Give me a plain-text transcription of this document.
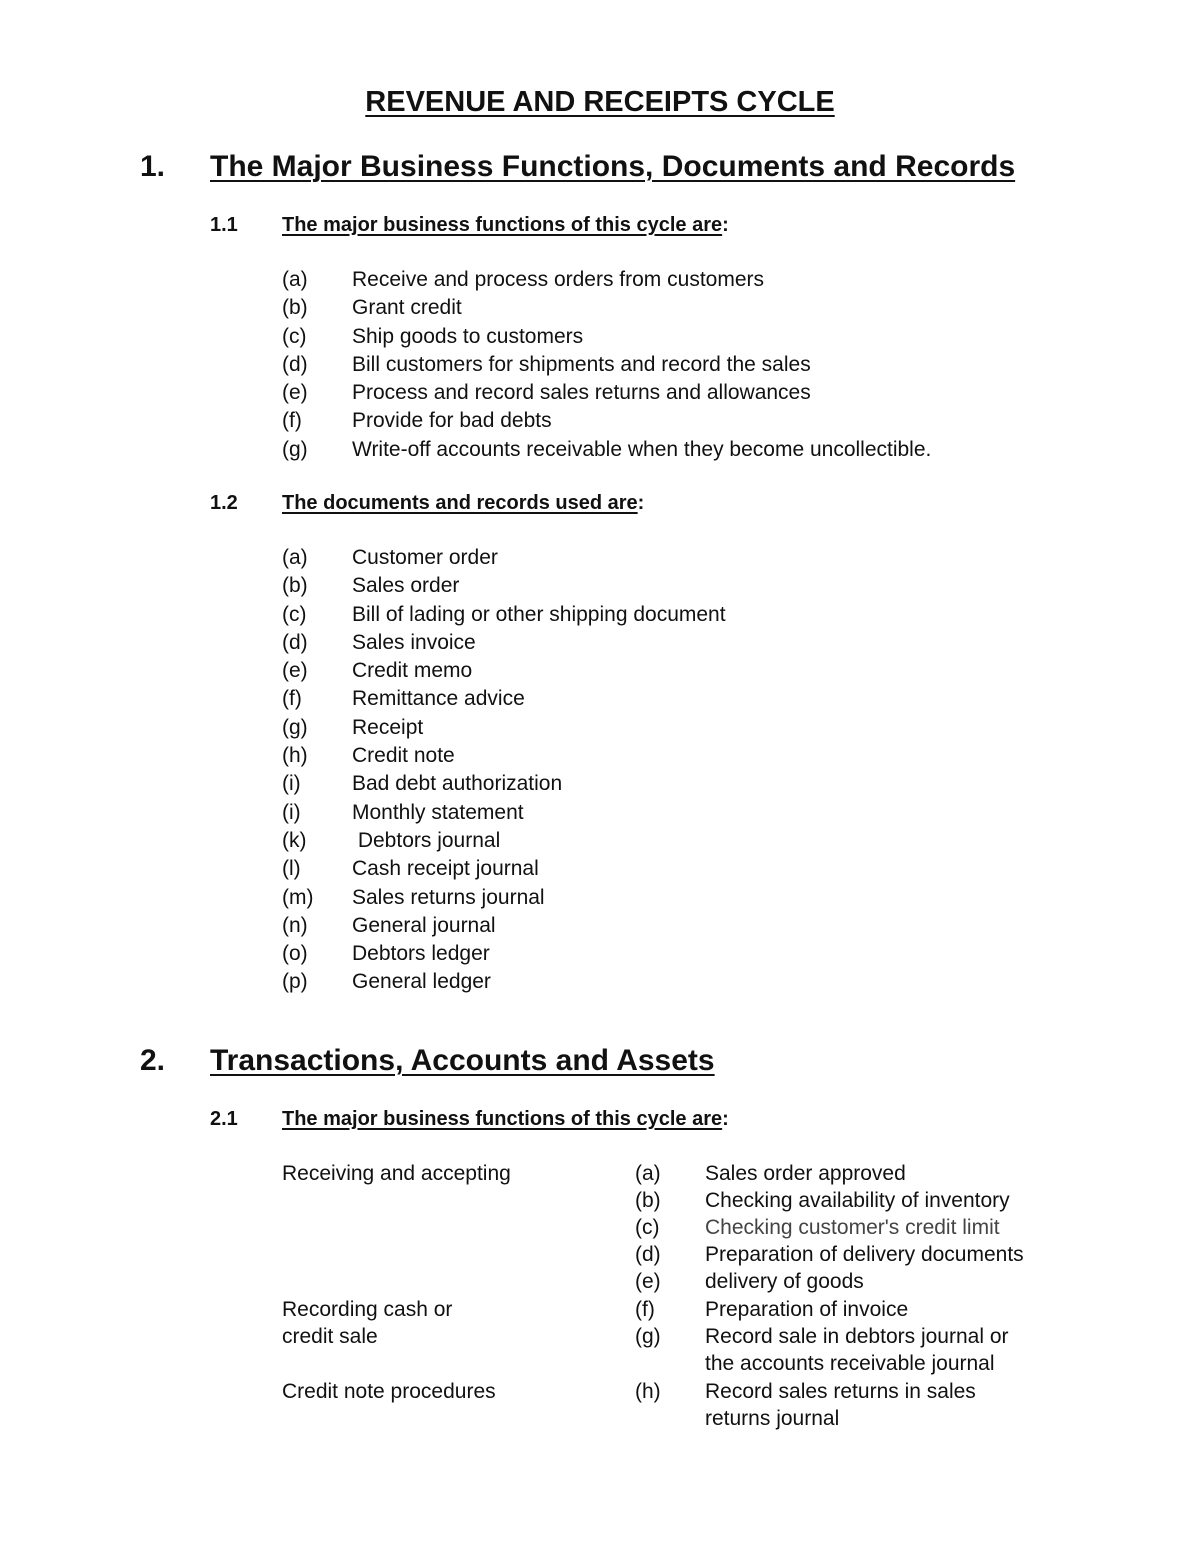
REVENUE AND RECEIPTS CYCLE
1. The Major Business Functions, Documents and Records
1.1 The major business functions of this cycle are:
(a) Receive and process orders from customers
(b) Grant credit
(c) Ship goods to customers
(d) Bill customers for shipments and record the sales
(e) Process and record sales returns and allowances
(f) Provide for bad debts
(g) Write-off accounts receivable when they become uncollectible.
1.2 The documents and records used are:
(a) Customer order
(b) Sales order
(c) Bill of lading or other shipping document
(d) Sales invoice
(e) Credit memo
(f) Remittance advice
(g) Receipt
(h) Credit note
(i) Bad debt authorization
(i) Monthly statement
(k) Debtors journal
(l) Cash receipt journal
(m) Sales returns journal
(n) General journal
(o) Debtors ledger
(p) General ledger
2. Transactions, Accounts and Assets
2.1 The major business functions of this cycle are:
Receiving and accepting
Recording cash or
credit sale
Credit note procedures
(a) Sales order approved
(b) Checking availability of inventory
(c) Checking customer's credit limit
(d) Preparation of delivery documents
(e) delivery of goods
(f) Preparation of invoice
(g) Record sale in debtors journal or
the accounts receivable journal
(h) Record sales returns in sales
returns journal
